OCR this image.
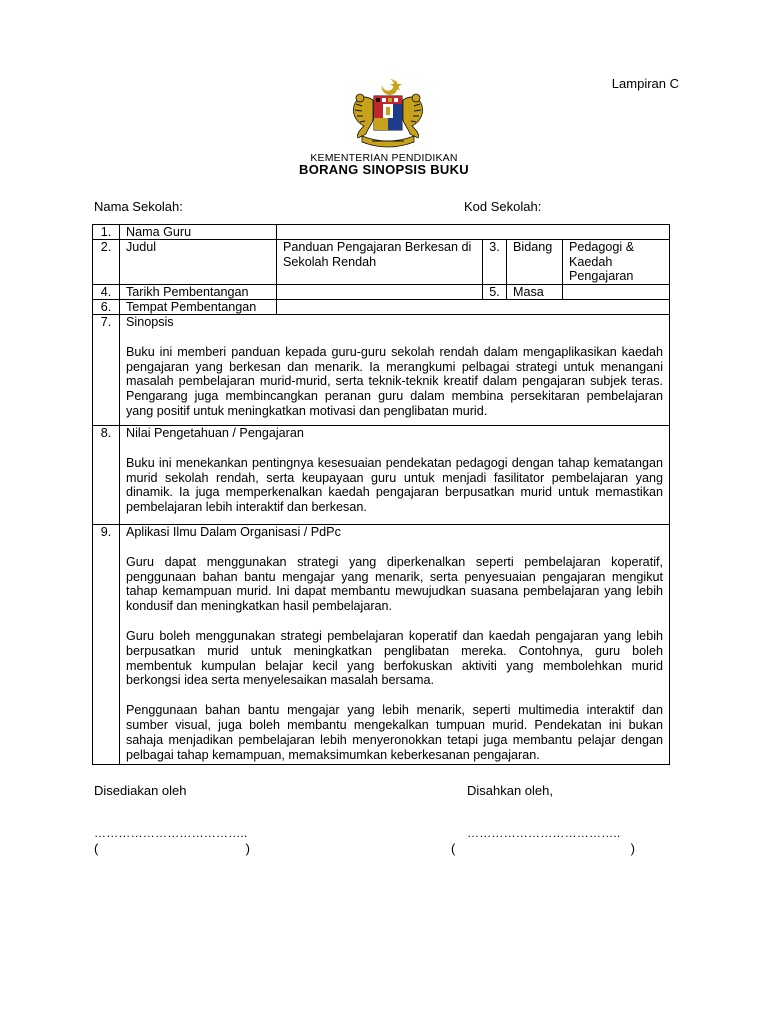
Lampiran C
KEMENTERIAN PENDIDIKAN
BORANG SINOPSIS BUKU
Nama Sekolah:	Kod Sekolah:
1.	Nama Guru				
2.	Judul	Panduan Pengajaran Berkesan di Sekolah Rendah	3.	Bidang	Pedagogi & Kaedah Pengajaran
4.	Tarikh Pembentangan		5.	Masa	
6.	Tempat Pembentangan				
7.	Sinopsis
Buku ini memberi panduan kepada guru-guru sekolah rendah dalam mengaplikasikan kaedah pengajaran yang berkesan dan menarik. Ia merangkumi pelbagai strategi untuk menangani masalah pembelajaran murid-murid, serta teknik-teknik kreatif dalam pengajaran subjek teras. Pengarang juga membincangkan peranan guru dalam membina persekitaran pembelajaran yang positif untuk meningkatkan motivasi dan penglibatan murid.				

8.	Nilai Pengetahuan / Pengajaran
Buku ini menekankan pentingnya kesesuaian pendekatan pedagogi dengan tahap kematangan murid sekolah rendah, serta keupayaan guru untuk menjadi fasilitator pembelajaran yang dinamik. Ia juga memperkenalkan kaedah pengajaran berpusatkan murid untuk memastikan pembelajaran lebih interaktif dan berkesan.				

9.	Aplikasi Ilmu Dalam Organisasi / PdPc
Guru dapat menggunakan strategi yang diperkenalkan seperti pembelajaran koperatif, penggunaan bahan bantu mengajar yang menarik, serta penyesuaian pengajaran mengikut tahap kemampuan murid. Ini dapat membantu mewujudkan suasana pembelajaran yang lebih kondusif dan meningkatkan hasil pembelajaran.
Guru boleh menggunakan strategi pembelajaran koperatif dan kaedah pengajaran yang lebih berpusatkan murid untuk meningkatkan penglibatan mereka. Contohnya, guru boleh membentuk kumpulan belajar kecil yang berfokuskan aktiviti yang membolehkan murid berkongsi idea serta menyelesaikan masalah bersama.
Penggunaan bahan bantu mengajar yang lebih menarik, seperti multimedia interaktif dan sumber visual, juga boleh membantu mengekalkan tumpuan murid. Pendekatan ini bukan sahaja menjadikan pembelajaran lebih menyeronokkan tetapi juga membantu pelajar dengan pelbagai tahap kemampuan, memaksimumkan keberkesanan pengajaran.				
Disediakan oleh	Disahkan oleh,
………………………………..	………………………………..
(	)	(	)
